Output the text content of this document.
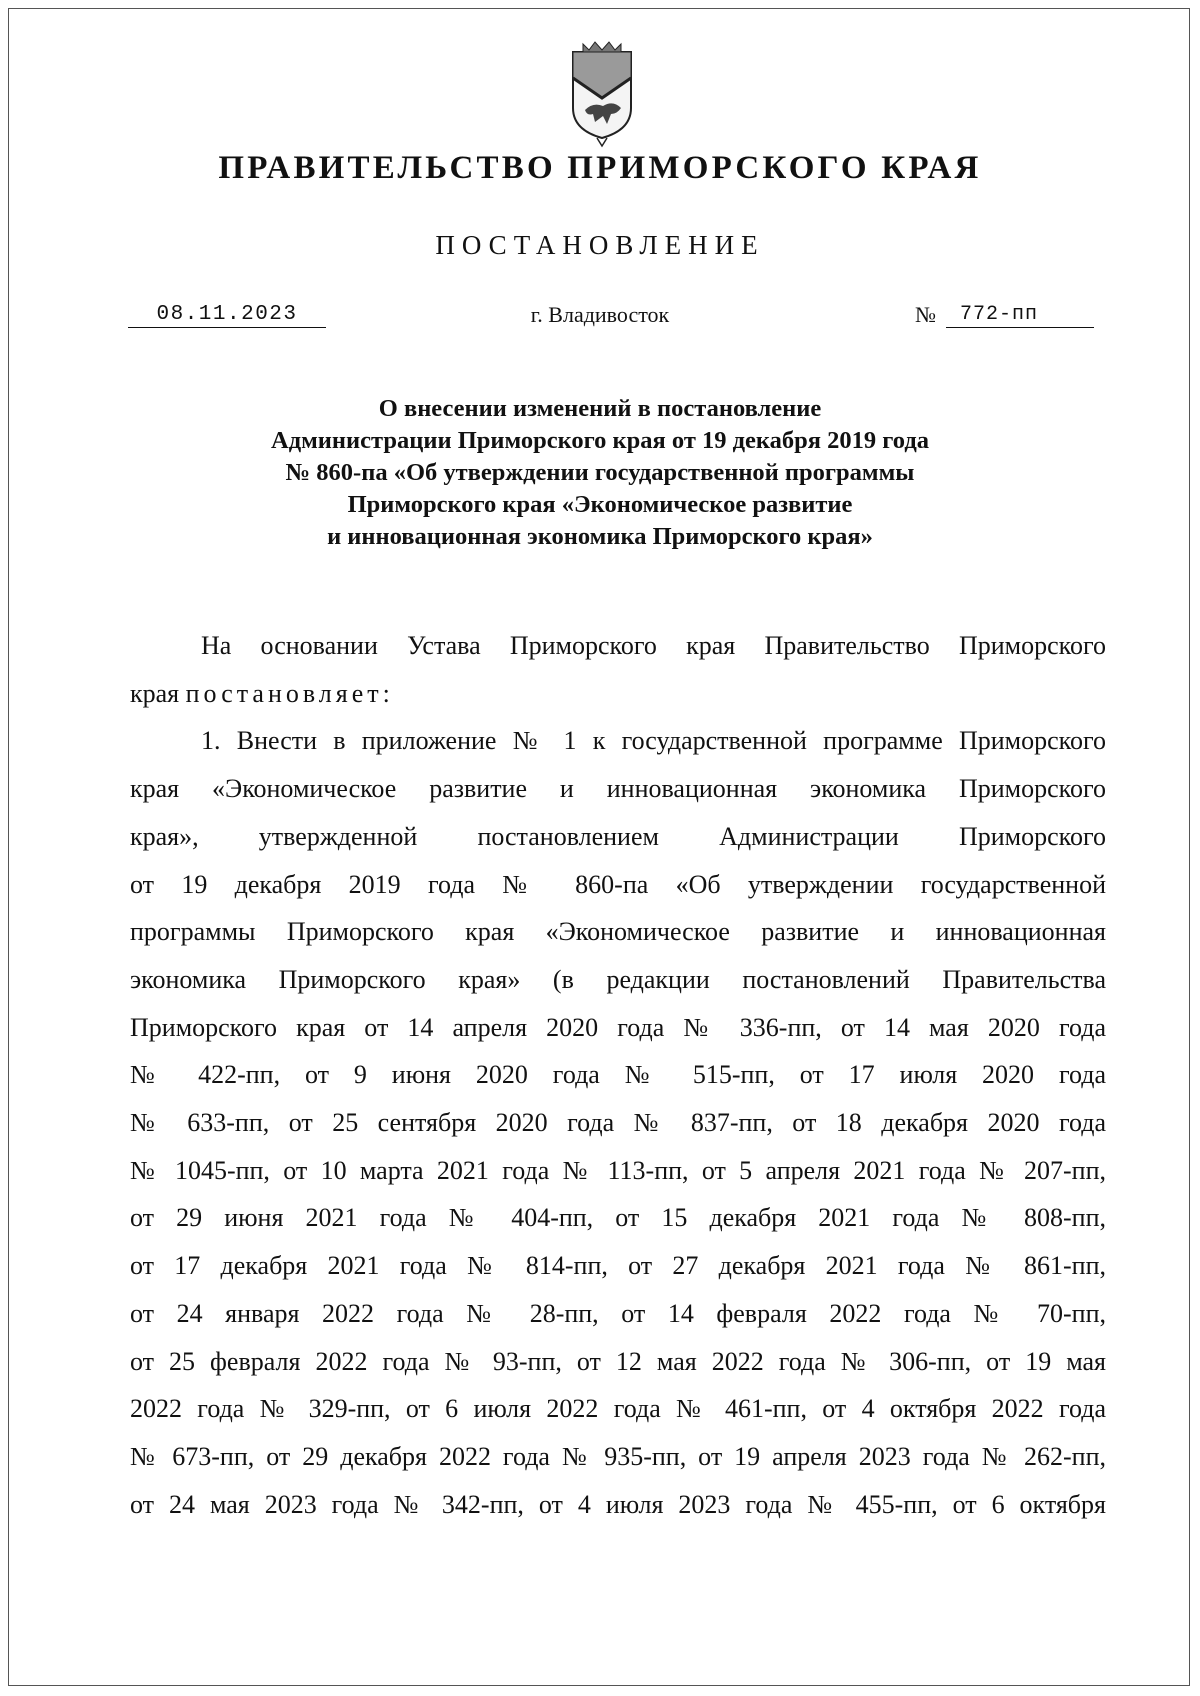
ПРАВИТЕЛЬСТВО ПРИМОРСКОГО КРАЯ
ПОСТАНОВЛЕНИЕ
08.11.2023	г. Владивосток	№	772-пп
О внесении изменений в постановление
Администрации Приморского края от 19 декабря 2019 года
№ 860-па «Об утверждении государственной программы
Приморского края «Экономическое развитие
и инновационная экономика Приморского края»
На основании Устава Приморского края Правительство Приморского
края постановляет:
1. Внести в приложение № 1 к государственной программе Приморского
края «Экономическое развитие и инновационная экономика Приморского
края», утвержденной постановлением Администрации Приморского
от 19 декабря 2019 года № 860-па «Об утверждении государственной
программы Приморского края «Экономическое развитие и инновационная
экономика Приморского края» (в редакции постановлений Правительства
Приморского края от 14 апреля 2020 года № 336-пп, от 14 мая 2020 года
№ 422-пп, от 9 июня 2020 года № 515-пп, от 17 июля 2020 года
№ 633-пп, от 25 сентября 2020 года № 837-пп, от 18 декабря 2020 года
№ 1045-пп, от 10 марта 2021 года № 113-пп, от 5 апреля 2021 года № 207-пп,
от 29 июня 2021 года № 404-пп, от 15 декабря 2021 года № 808-пп,
от 17 декабря 2021 года № 814-пп, от 27 декабря 2021 года № 861-пп,
от 24 января 2022 года № 28-пп, от 14 февраля 2022 года № 70-пп,
от 25 февраля 2022 года № 93-пп, от 12 мая 2022 года № 306-пп, от 19 мая
2022 года № 329-пп, от 6 июля 2022 года № 461-пп, от 4 октября 2022 года
№ 673-пп, от 29 декабря 2022 года № 935-пп, от 19 апреля 2023 года № 262-пп,
от 24 мая 2023 года № 342-пп, от 4 июля 2023 года № 455-пп, от 6 октября
